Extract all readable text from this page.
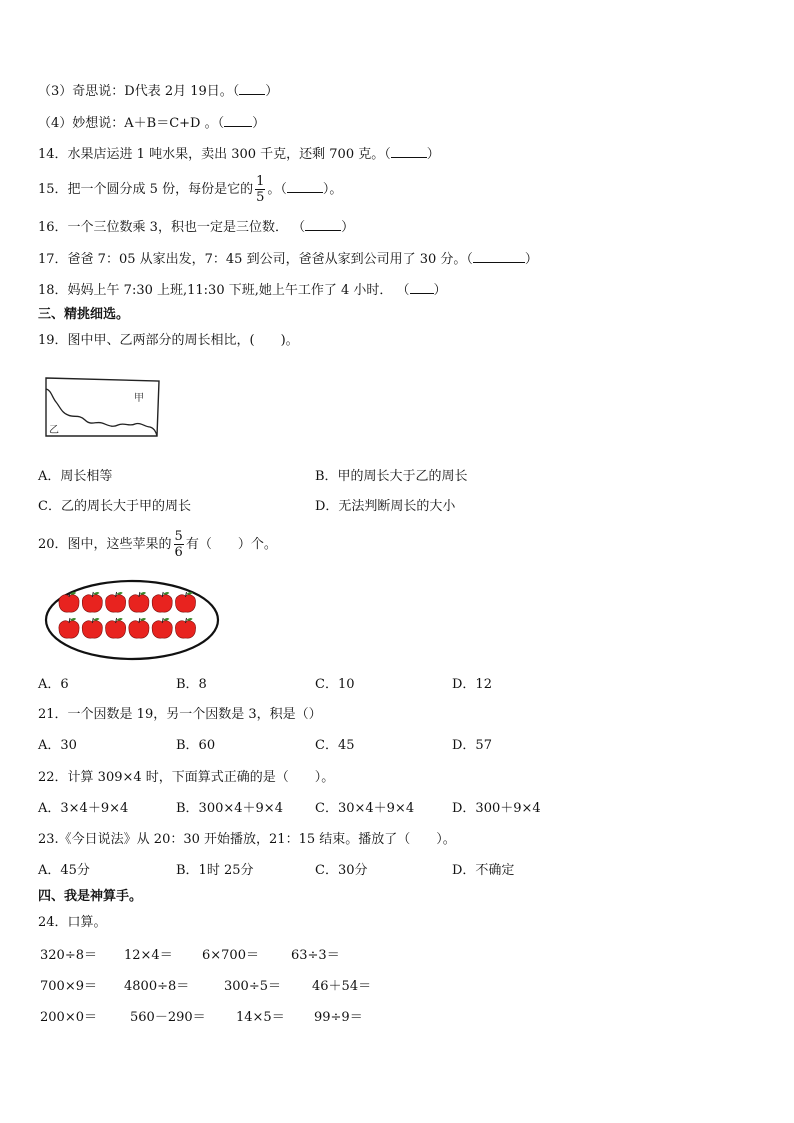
（3）奇思说：D代表 2月 19日。（ ）
（4）妙想说：A＋B＝C+D 。（ ）
14．水果店运进 1 吨水果，卖出 300 千克，还剩 700 克。（	）
15．把一个圆分成 5 份，每份是它的 $\frac{1}{5}$ 。（	）。
16．一个三位数乘 3，积也一定是三位数． （	）
17．爸爸 7：05 从家出发，7：45 到公司，爸爸从家到公司用了 30 分。（	）
18．妈妈上午 7:30 上班,11:30 下班,她上午工作了 4 小时． （ ）
三、精挑细选。
19．图中甲、乙两部分的周长相比，(　　)。
甲
乙
A．周长相等	B．甲的周长大于乙的周长
C．乙的周长大于甲的周长	D．无法判断周长的大小
20．图中，这些苹果的 $\frac{5}{6}$ 有（　　）个。
A．6	B．8	C．10	D．12
21．一个因数是 19，另一个因数是 3，积是（）
A．30	B．60	C．45	D．57
22．计算 309×4 时，下面算式正确的是（　　）。
A．3×4＋9×4	B．300×4＋9×4 C．30×4＋9×4	D．300＋9×4
23.《今日说法》从 20：30 开始播放，21：15 结束。播放了（　　）。
A．45分	B．1时 25分	C．30分	D．不确定
四、我是神算手。
24．口算。
320÷8＝ 12×4＝ 6×700＝ 63÷3＝
700×9＝ 4800÷8＝	300÷5＝ 46＋54＝
200×0＝	560－290＝ 14×5＝ 99÷9＝
